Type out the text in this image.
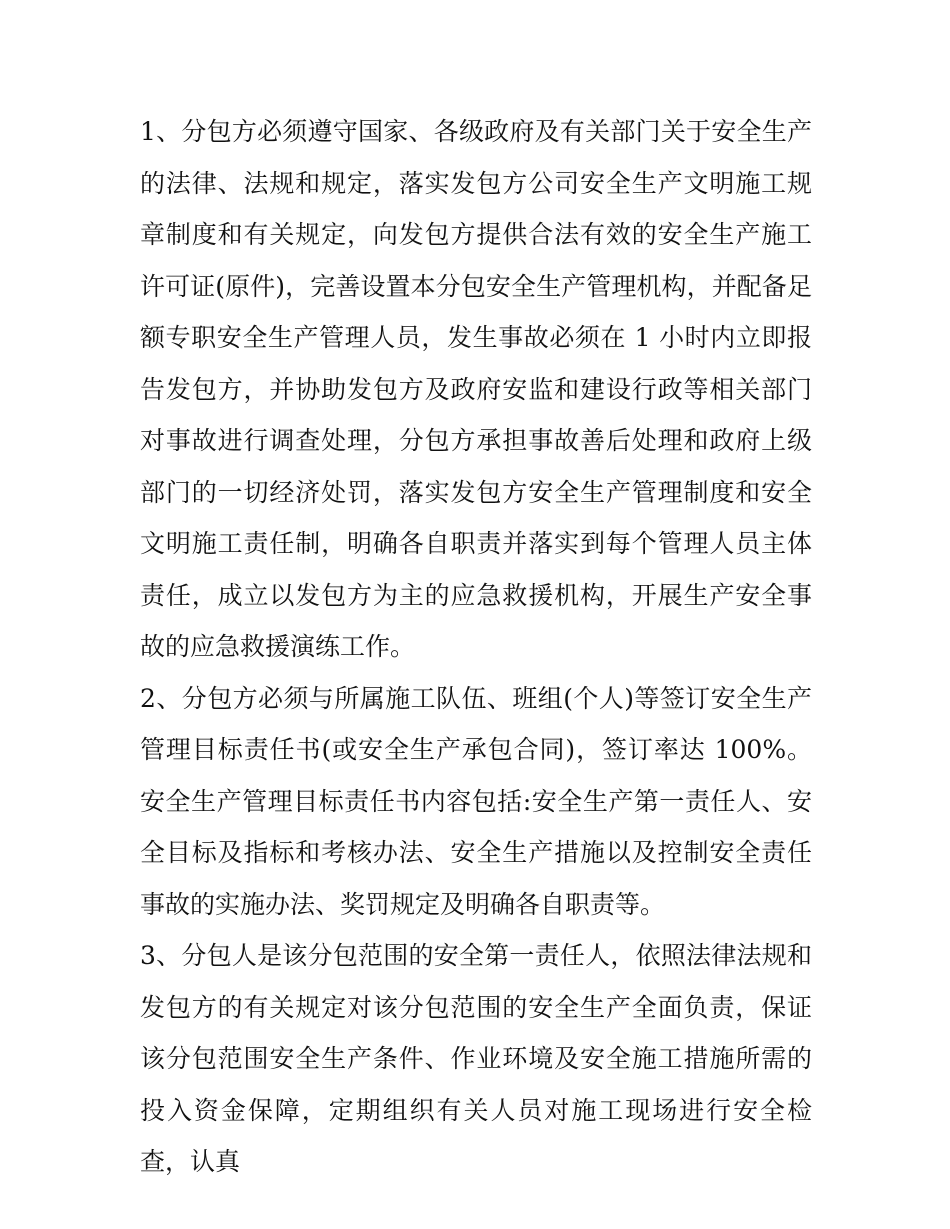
1、分包方必须遵守国家、各级政府及有关部门关于安全生产的法律、法规和规定，落实发包方公司安全生产文明施工规章制度和有关规定，向发包方提供合法有效的安全生产施工许可证(原件)，完善设置本分包安全生产管理机构，并配备足额专职安全生产管理人员，发生事故必须在 1 小时内立即报告发包方，并协助发包方及政府安监和建设行政等相关部门对事故进行调查处理，分包方承担事故善后处理和政府上级部门的一切经济处罚，落实发包方安全生产管理制度和安全文明施工责任制，明确各自职责并落实到每个管理人员主体责任，成立以发包方为主的应急救援机构，开展生产安全事故的应急救援演练工作。

2、分包方必须与所属施工队伍、班组(个人)等签订安全生产管理目标责任书(或安全生产承包合同)，签订率达 100%。安全生产管理目标责任书内容包括:安全生产第一责任人、安全目标及指标和考核办法、安全生产措施以及控制安全责任事故的实施办法、奖罚规定及明确各自职责等。

3、分包人是该分包范围的安全第一责任人，依照法律法规和发包方的有关规定对该分包范围的安全生产全面负责，保证该分包范围安全生产条件、作业环境及安全施工措施所需的投入资金保障，定期组织有关人员对施工现场进行安全检查，认真
